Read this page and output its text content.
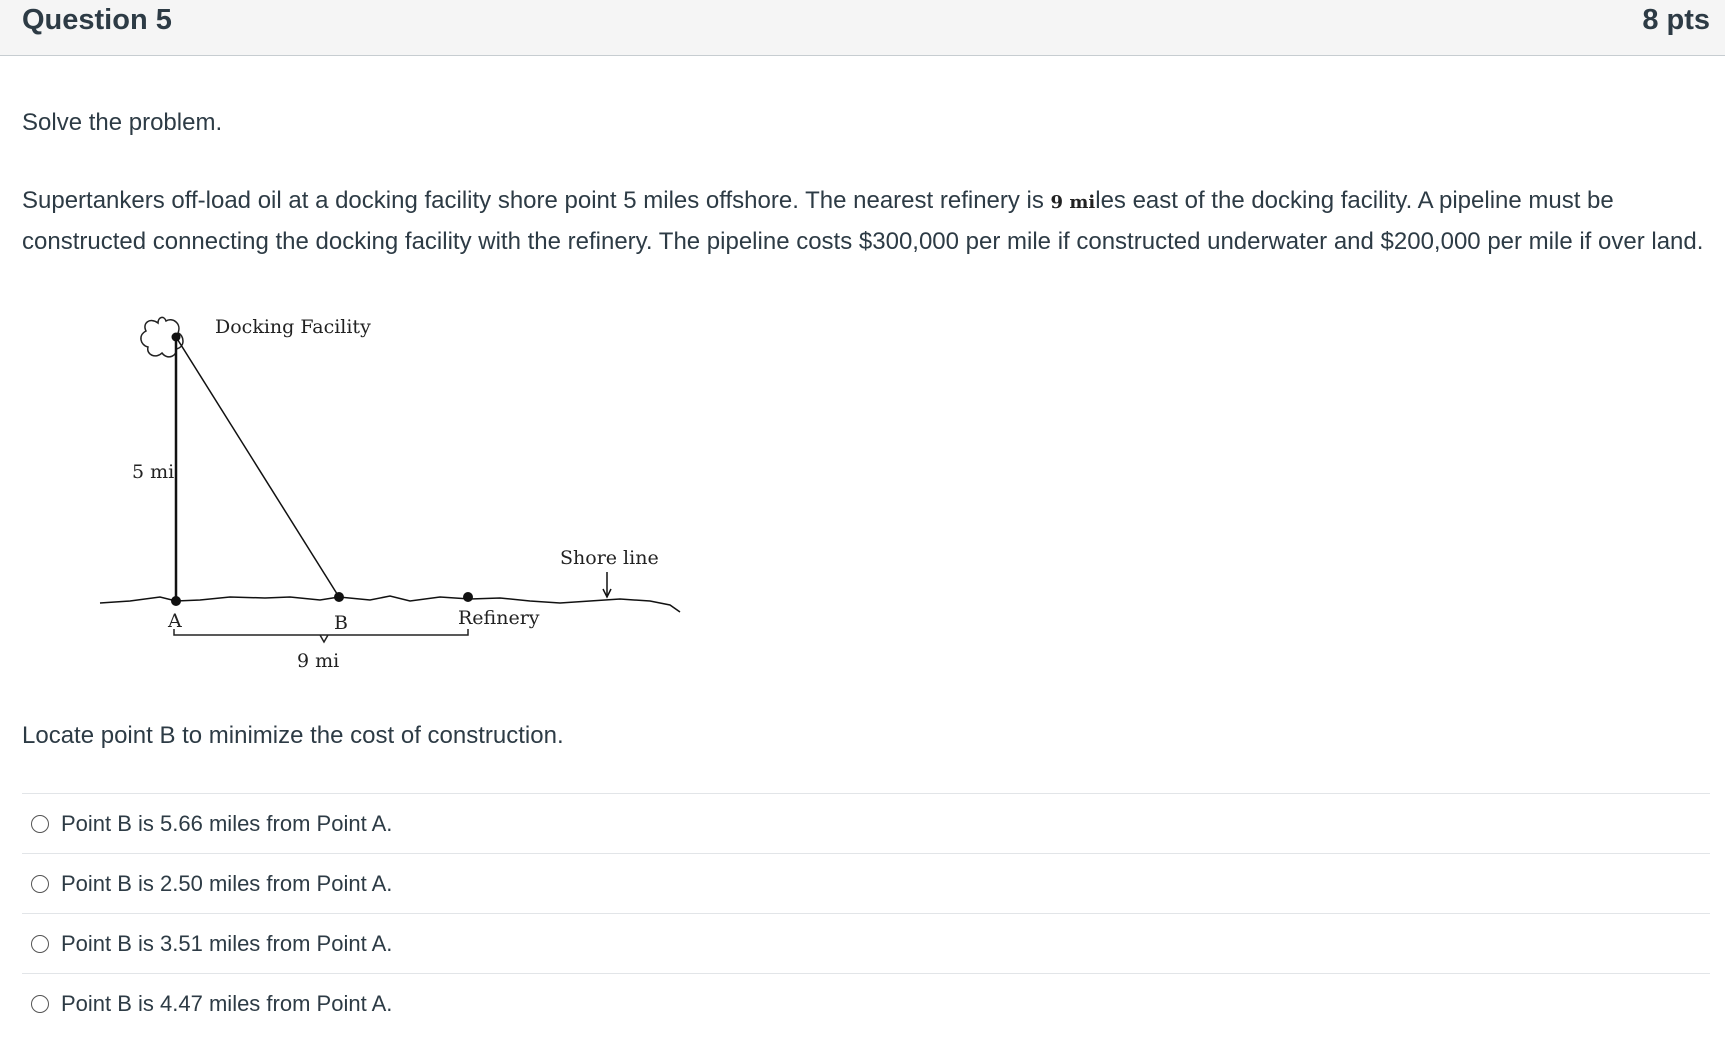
Question 5	8 pts
Solve the problem.
Supertankers off-load oil at a docking facility shore point 5 miles offshore. The nearest refinery is 9 miles east of the docking facility. A pipeline must be constructed connecting the docking facility with the refinery. The pipeline costs $300,000 per mile if constructed underwater and $200,000 per mile if over land.
Docking Facility
5 mi
Shore line
A	B	Refinery
9 mi
Locate point B to minimize the cost of construction.
Point B is 5.66 miles from Point A.
Point B is 2.50 miles from Point A.
Point B is 3.51 miles from Point A.
Point B is 4.47 miles from Point A.
